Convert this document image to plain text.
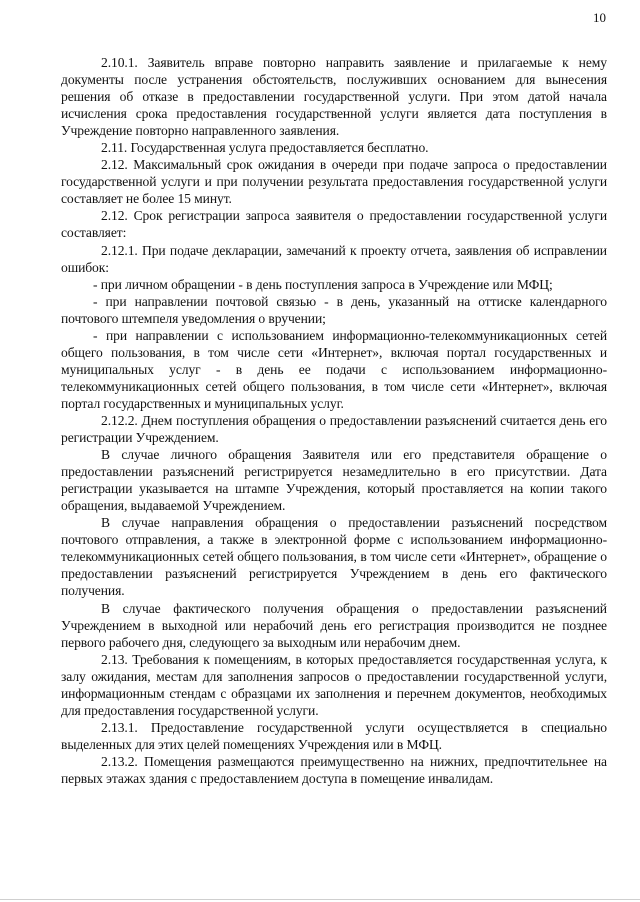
10

2.10.1. Заявитель вправе повторно направить заявление и прилагаемые к нему документы после устранения обстоятельств, послуживших основанием для вынесения решения об отказе в предоставлении государственной услуги. При этом датой начала исчисления срока предоставления государственной услуги является дата поступления в Учреждение повторно направленного заявления.

2.11. Государственная услуга предоставляется бесплатно.

2.12. Максимальный срок ожидания в очереди при подаче запроса о предоставлении государственной услуги и при получении результата предоставления государственной услуги составляет не более 15 минут.

2.12. Срок регистрации запроса заявителя о предоставлении государственной услуги составляет:

2.12.1. При подаче декларации, замечаний к проекту отчета, заявления об исправлении ошибок:

- при личном обращении - в день поступления запроса в Учреждение или МФЦ;

- при направлении почтовой связью - в день, указанный на оттиске календарного почтового штемпеля уведомления о вручении;

- при направлении с использованием информационно-телекоммуникационных сетей общего пользования, в том числе сети «Интернет», включая портал государственных и муниципальных услуг - в день ее подачи с использованием информационно-телекоммуникационных сетей общего пользования, в том числе сети «Интернет», включая портал государственных и муниципальных услуг.

2.12.2. Днем поступления обращения о предоставлении разъяснений считается день его регистрации Учреждением.

В случае личного обращения Заявителя или его представителя обращение о предоставлении разъяснений регистрируется незамедлительно в его присутствии. Дата регистрации указывается на штампе Учреждения, который проставляется на копии такого обращения, выдаваемой Учреждением.

В случае направления обращения о предоставлении разъяснений посредством почтового отправления, а также в электронной форме с использованием информационно-телекоммуникационных сетей общего пользования, в том числе сети «Интернет», обращение о предоставлении разъяснений регистрируется Учреждением в день его фактического получения.

В случае фактического получения обращения о предоставлении разъяснений Учреждением в выходной или нерабочий день его регистрация производится не позднее первого рабочего дня, следующего за выходным или нерабочим днем.

2.13. Требования к помещениям, в которых предоставляется государственная услуга, к залу ожидания, местам для заполнения запросов о предоставлении государственной услуги, информационным стендам с образцами их заполнения и перечнем документов, необходимых для предоставления государственной услуги.

2.13.1. Предоставление государственной услуги осуществляется в специально выделенных для этих целей помещениях Учреждения или в МФЦ.

2.13.2. Помещения размещаются преимущественно на нижних, предпочтительнее на первых этажах здания с предоставлением доступа в помещение инвалидам.
